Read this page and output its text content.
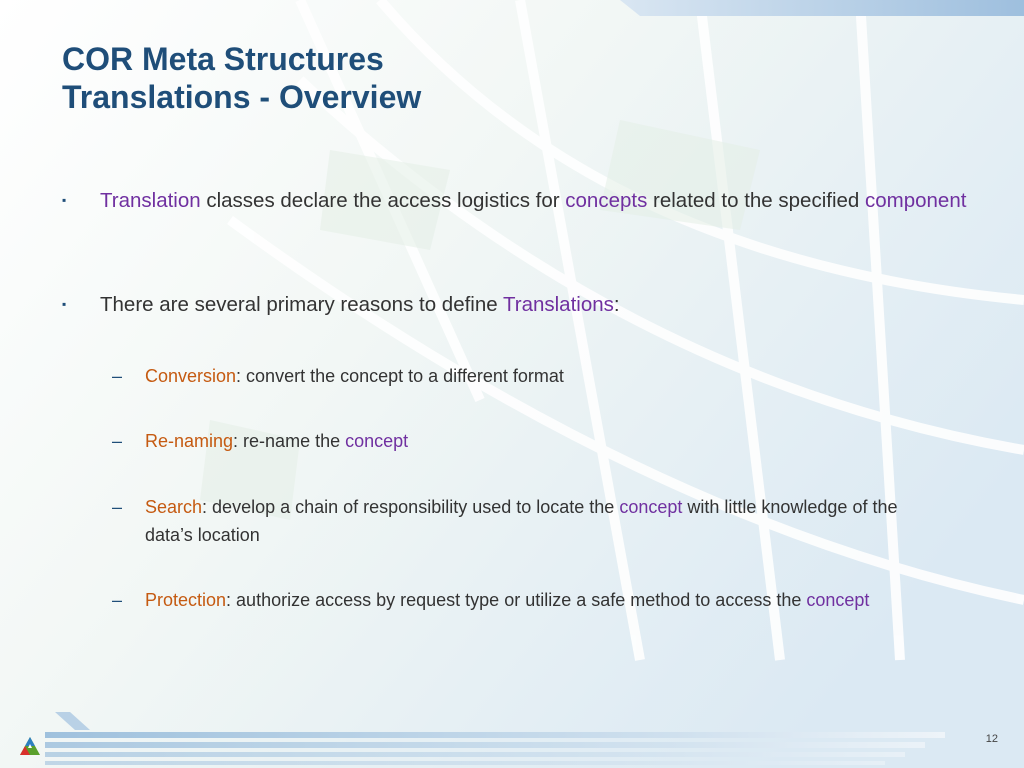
COR Meta Structures
Translations - Overview
▪	Translation classes declare the access logistics for concepts related to the specified component
▪	There are several primary reasons to define Translations:
–	Conversion: convert the concept to a different format
–	Re-naming: re-name the concept
–	Search: develop a chain of responsibility used to locate the concept with little knowledge of the data’s location
–	Protection: authorize access by request type or utilize a safe method to access the concept
12
